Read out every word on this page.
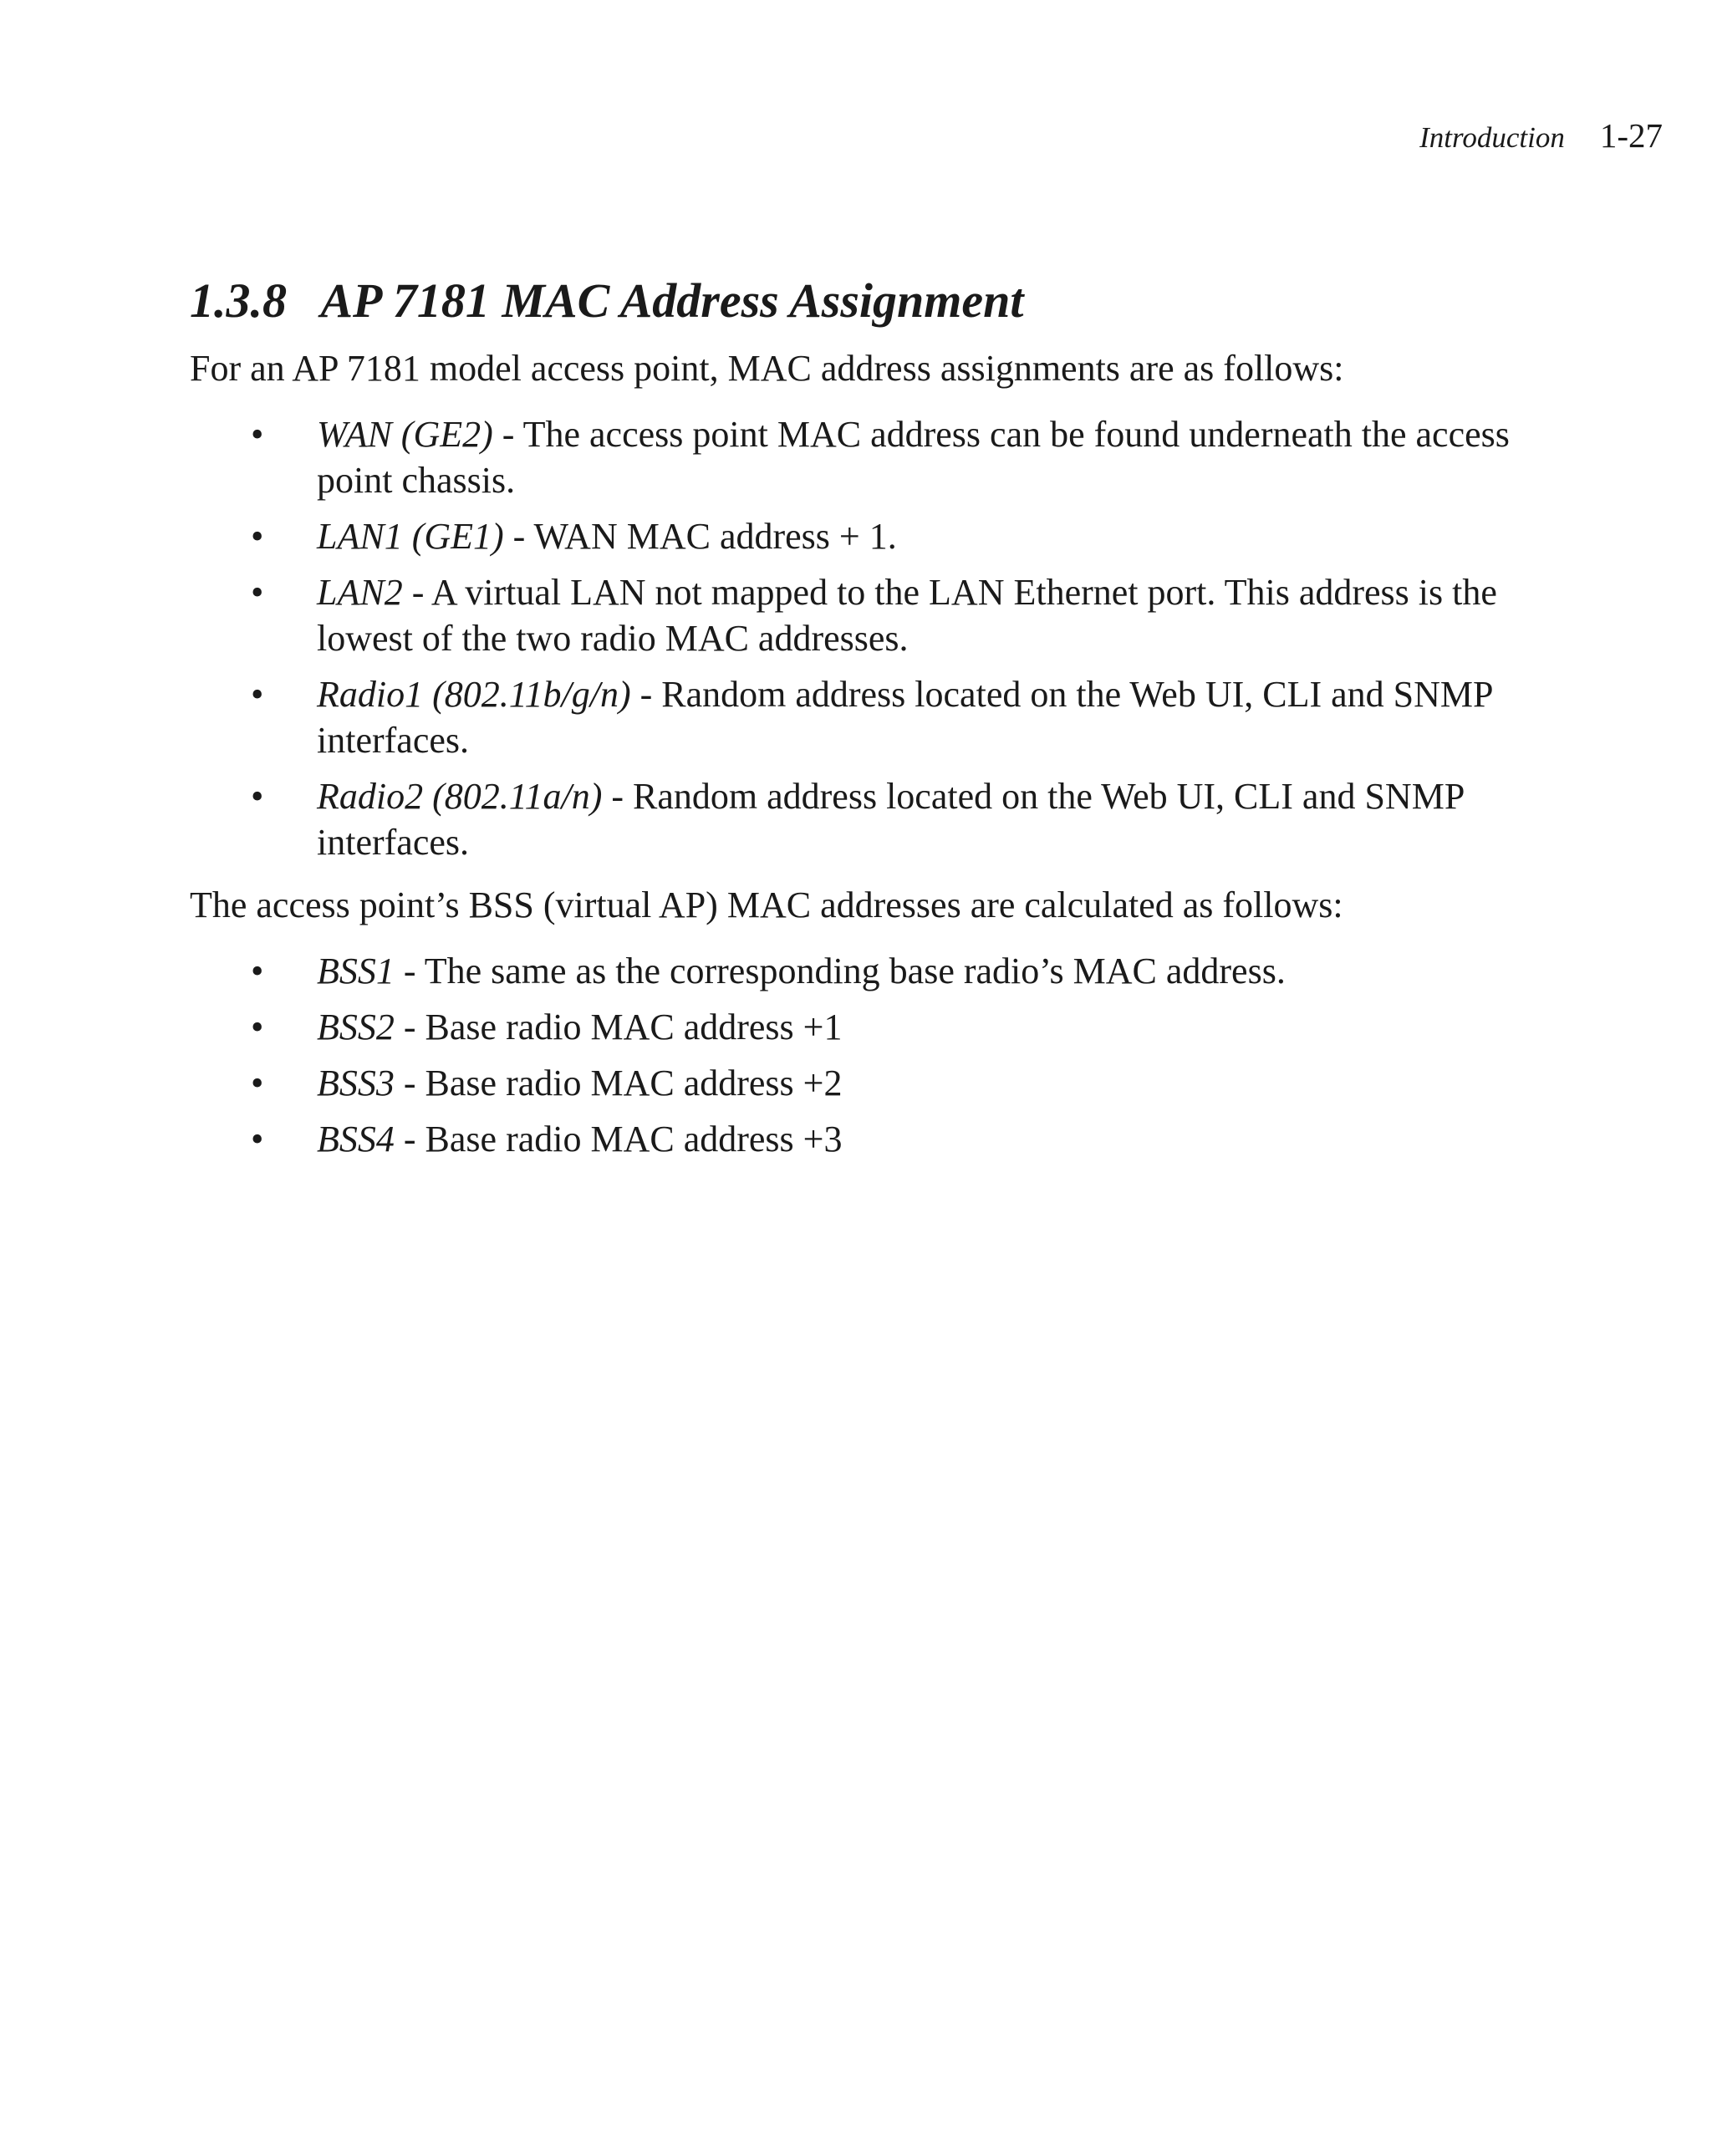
Introduction 1-27
1.3.8 AP 7181 MAC Address Assignment

For an AP 7181 model access point, MAC address assignments are as follows:

• WAN (GE2) - The access point MAC address can be found underneath the access point chassis.
• LAN1 (GE1) - WAN MAC address + 1.
• LAN2 - A virtual LAN not mapped to the LAN Ethernet port. This address is the lowest of the two radio MAC addresses.
• Radio1 (802.11b/g/n) - Random address located on the Web UI, CLI and SNMP interfaces.
• Radio2 (802.11a/n) - Random address located on the Web UI, CLI and SNMP interfaces.

The access point’s BSS (virtual AP) MAC addresses are calculated as follows:

• BSS1 - The same as the corresponding base radio’s MAC address.
• BSS2 - Base radio MAC address +1
• BSS3 - Base radio MAC address +2
• BSS4 - Base radio MAC address +3
